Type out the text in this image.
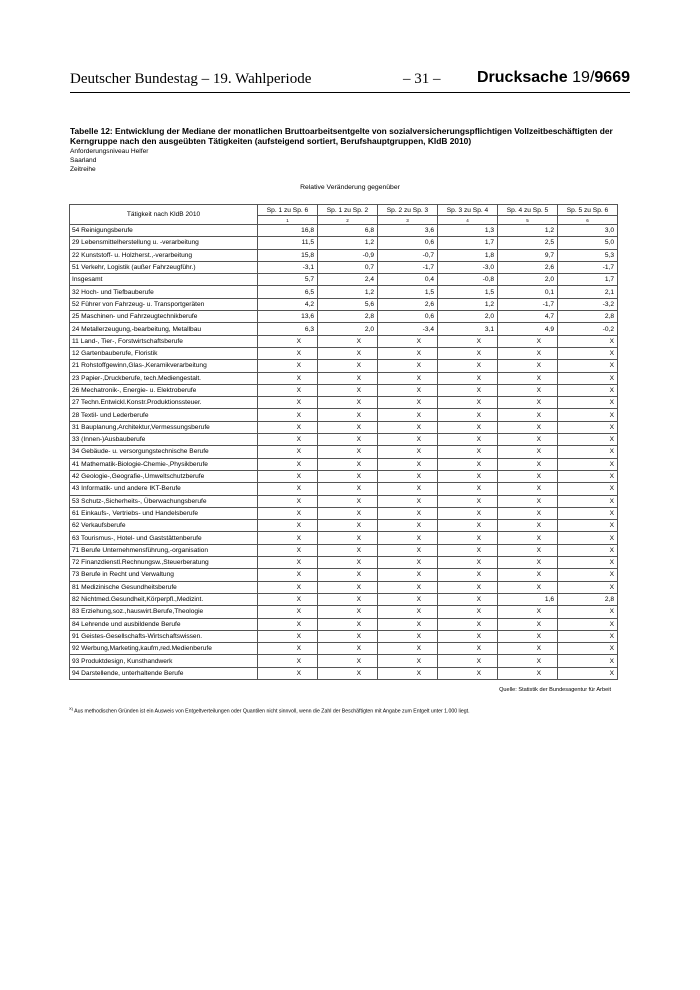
Deutscher Bundestag – 19. Wahlperiode	– 31 – Drucksache 19/9669
Tabelle 12: Entwicklung der Mediane der monatlichen Bruttoarbeitsentgelte von sozialversicherungspflichtigen Vollzeitbeschäftigten der Kerngruppe nach den ausgeübten Tätigkeiten (aufsteigend sortiert, Berufshauptgruppen, KldB 2010)
Anforderungsniveau Helfer
Saarland
Zeitreihe
Relative Veränderung gegenüber
Tätigkeit nach KldB 2010	Sp. 1 zu Sp. 6	Sp. 1 zu Sp. 2	Sp. 2 zu Sp. 3	Sp. 3 zu Sp. 4	Sp. 4 zu Sp. 5	Sp. 5 zu Sp. 6
	1	2	3	4	5	6
54 Reinigungsberufe	16,8	6,8	3,6	1,3	1,2	3,0
29 Lebensmittelherstellung u. -verarbeitung	11,5	1,2	0,6	1,7	2,5	5,0
22 Kunststoff- u. Holzherst.,-verarbeitung	15,8	-0,9	-0,7	1,8	9,7	5,3
51 Verkehr, Logistik (außer Fahrzeugführ.)	-3,1	0,7	-1,7	-3,0	2,6	-1,7
Insgesamt	5,7	2,4	0,4	-0,8	2,0	1,7
32 Hoch- und Tiefbauberufe	6,5	1,2	1,5	1,5	0,1	2,1
52 Führer von Fahrzeug- u. Transportgeräten	4,2	5,6	2,6	1,2	-1,7	-3,2
25 Maschinen- und Fahrzeugtechnikberufe	13,6	2,8	0,6	2,0	4,7	2,8
24 Metallerzeugung,-bearbeitung, Metallbau	6,3	2,0	-3,4	3,1	4,9	-0,2
11 Land-, Tier-, Forstwirtschaftsberufe	X	X	X	X	X	X
12 Gartenbauberufe, Floristik	X	X	X	X	X	X
21 Rohstoffgewinn,Glas-,Keramikverarbeitung	X	X	X	X	X	X
23 Papier-,Druckberufe, tech.Mediengestalt.	X	X	X	X	X	X
26 Mechatronik-, Energie- u. Elektroberufe	X	X	X	X	X	X
27 Techn.Entwickl.Konstr.Produktionssteuer.	X	X	X	X	X	X
28 Textil- und Lederberufe	X	X	X	X	X	X
31 Bauplanung,Architektur,Vermessungsberufe	X	X	X	X	X	X
33 (Innen-)Ausbauberufe	X	X	X	X	X	X
34 Gebäude- u. versorgungstechnische Berufe	X	X	X	X	X	X
41 Mathematik-Biologie-Chemie-,Physikberufe	X	X	X	X	X	X
42 Geologie-,Geografie-,Umweltschutzberufe	X	X	X	X	X	X
43 Informatik- und andere IKT-Berufe	X	X	X	X	X	X
53 Schutz-,Sicherheits-, Überwachungsberufe	X	X	X	X	X	X
61 Einkaufs-, Vertriebs- und Handelsberufe	X	X	X	X	X	X
62 Verkaufsberufe	X	X	X	X	X	X
63 Tourismus-, Hotel- und Gaststättenberufe	X	X	X	X	X	X
71 Berufe Unternehmensführung,-organisation	X	X	X	X	X	X
72 Finanzdienstl.Rechnungsw.,Steuerberatung	X	X	X	X	X	X
73 Berufe in Recht und Verwaltung	X	X	X	X	X	X
81 Medizinische Gesundheitsberufe	X	X	X	X	X	X
82 Nichtmed.Gesundheit,Körperpfl.,Medizint.	X	X	X	X	1,6	2,8
83 Erziehung,soz.,hauswirt.Berufe,Theologie	X	X	X	X	X	X
84 Lehrende und ausbildende Berufe	X	X	X	X	X	X
91 Geistes-Gesellschafts-Wirtschaftswissen.	X	X	X	X	X	X
92 Werbung,Marketing,kaufm,red.Medienberufe	X	X	X	X	X	X
93 Produktdesign, Kunsthandwerk	X	X	X	X	X	X
94 Darstellende, unterhaltende Berufe	X	X	X	X	X	X
Quelle: Statistik der Bundesagentur für Arbeit
$^{X)}$ Aus methodischen Gründen ist ein Ausweis von Entgeltverteilungen oder Quantilen nicht sinnvoll, wenn die Zahl der Beschäftigten mit Angabe zum Entgelt unter 1.000 liegt.
